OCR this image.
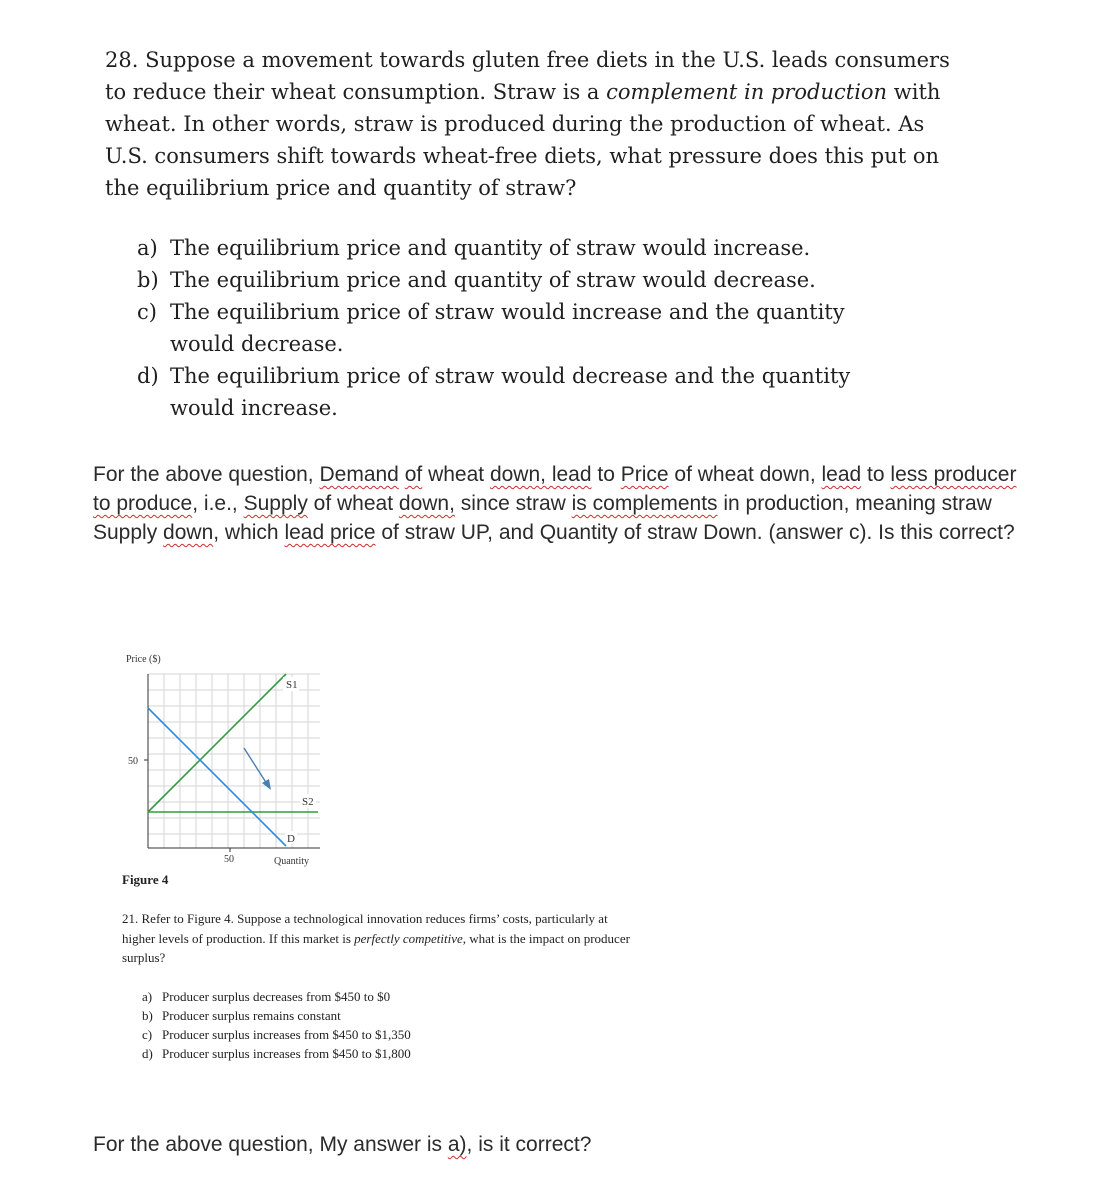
28. Suppose a movement towards gluten free diets in the U.S. leads consumers to reduce their wheat consumption. Straw is a complement in production with wheat. In other words, straw is produced during the production of wheat. As U.S. consumers shift towards wheat-free diets, what pressure does this put on the equilibrium price and quantity of straw?

a) The equilibrium price and quantity of straw would increase.
b) The equilibrium price and quantity of straw would decrease.
c) The equilibrium price of straw would increase and the quantity would decrease.
d) The equilibrium price of straw would decrease and the quantity would increase.
For the above question, Demand of wheat down, lead to Price of wheat down, lead to less producer to produce, i.e., Supply of wheat down, since straw is complements in production, meaning straw Supply down, which lead price of straw UP, and Quantity of straw Down. (answer c). Is this correct?
S1
S2
D
Price ($)
50
50	Quantity
Figure 4

21. Refer to Figure 4. Suppose a technological innovation reduces firms’ costs, particularly at higher levels of production. If this market is perfectly competitive, what is the impact on producer surplus?

a) Producer surplus decreases from $450 to $0
b) Producer surplus remains constant
c) Producer surplus increases from $450 to $1,350
d) Producer surplus increases from $450 to $1,800
For the above question, My answer is a), is it correct?
